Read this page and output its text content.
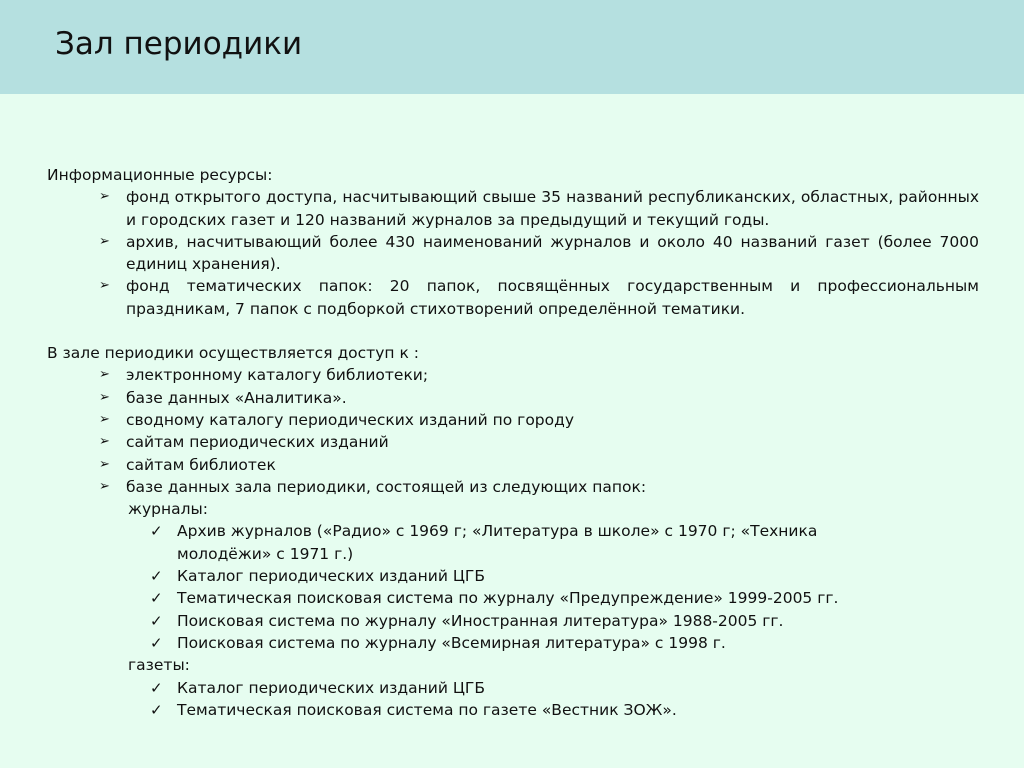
Зал периодики

Информационные ресурсы:

➢ фонд открытого доступа, насчитывающий свыше 35 названий республиканских, областных, районных и городских газет и 120 названий журналов за предыдущий и текущий годы.
➢ архив, насчитывающий более 430 наименований журналов и около 40 названий газет (более 7000 единиц хранения).
➢ фонд тематических папок: 20 папок, посвящённых государственным и профессиональным праздникам, 7 папок с подборкой стихотворений определённой тематики.

В зале периодики осуществляется доступ к :

➢ электронному каталогу библиотеки;
➢ базе данных «Аналитика».
➢ сводному каталогу периодических изданий по городу
➢ сайтам периодических изданий
➢ сайтам библиотек
➢ базе данных зала периодики, состоящей из следующих папок:

журналы:

✓ Архив журналов («Радио» с 1969 г; «Литература в школе» с 1970 г; «Техника молодёжи» с 1971 г.)
✓ Каталог периодических изданий ЦГБ
✓ Тематическая поисковая система по журналу «Предупреждение» 1999-2005 гг.
✓ Поисковая система по журналу «Иностранная литература» 1988-2005 гг.
✓ Поисковая система по журналу «Всемирная литература» с 1998 г.

газеты:

✓ Каталог периодических изданий ЦГБ
✓ Тематическая поисковая система по газете «Вестник ЗОЖ».
